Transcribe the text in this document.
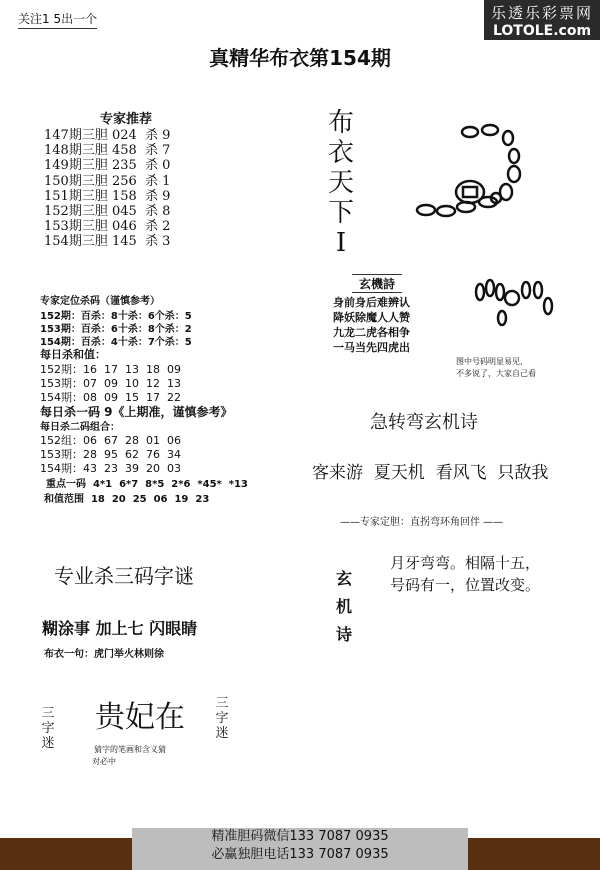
关注1 5出一个	乐透乐彩票网
LOTOLE.com
真精华布衣第154期
专家推荐
147期三胆 024  杀 9
148期三胆 458  杀 7
149期三胆 235  杀 0
150期三胆 256  杀 1
151期三胆 158  杀 9
152期三胆 045  杀 8
153期三胆 046  杀 2
154期三胆 145  杀 3
专家定位杀码（谨慎参考）
152期：百杀：8十杀：6个杀：5
153期：百杀：6十杀：8个杀：2
154期：百杀：4十杀：7个杀：5
每日杀和值：
152期：16  17  13  18  09
153期：07  09  10  12  13
154期：08  09  15  17  22
每日杀一码 9《上期准，谨慎参考》
每日杀二码组合：
152组：06  67  28  01  06
153期：28  95  62  76  34
154期：43  23  39  20  03
重点一码  4*1  6*7  8*5  2*6  *45*  *13
和值范围  18  20  25  06  19  23
专业杀三码字谜
糊涂事 加上七 闪眼睛
布衣一句：虎门举火林则徐
三
字
迷
三
字
迷
贵妃在
猜字的笔画和含义猜
对必中
布
衣
天
下
I
玄機詩
身前身后难辨认
降妖除魔人人赞
九龙二虎各相争
一马当先四虎出
图中号码明显易见，
不多说了，大家自己看
急转弯玄机诗
客来游  夏天机  看风飞  只敌我
——专家定胆：直拐弯环角回伴 ——
玄
机
诗
月牙弯弯。相隔十五，
号码有一，位置改变。
精准胆码微信133 7087 0935
必赢独胆电话133 7087 0935
